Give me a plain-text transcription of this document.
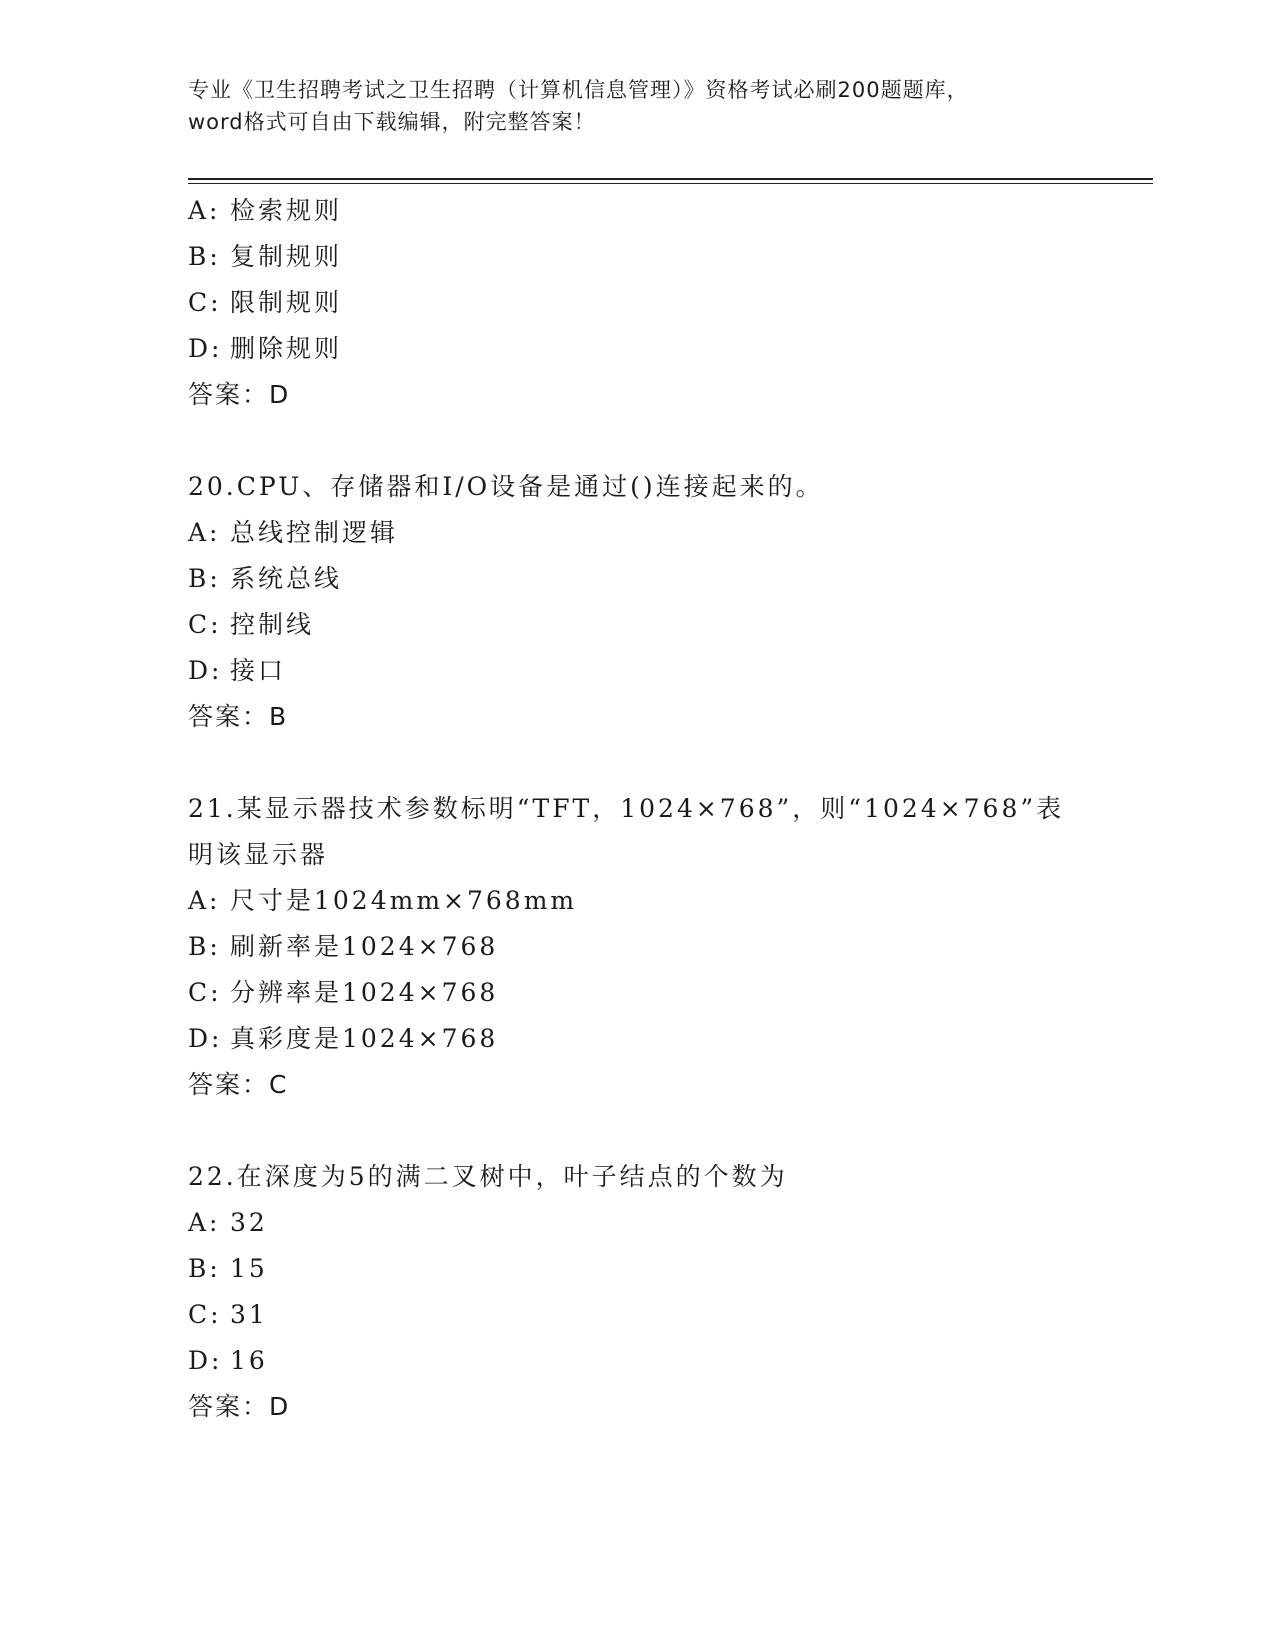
专业《卫生招聘考试之卫生招聘（计算机信息管理）》资格考试必刷200题题库，
word格式可自由下载编辑，附完整答案！
A: 检索规则
B: 复制规则
C: 限制规则
D: 删除规则
答案：D
20.CPU、存储器和I/O设备是通过()连接起来的。
A: 总线控制逻辑
B: 系统总线
C: 控制线
D: 接口
答案：B
21.某显示器技术参数标明“TFT，1024×768”，则“1024×768”表
明该显示器
A: 尺寸是1024mm×768mm
B: 刷新率是1024×768
C: 分辨率是1024×768
D: 真彩度是1024×768
答案：C
22.在深度为5的满二叉树中，叶子结点的个数为
A: 32
B: 15
C: 31
D: 16
答案：D
